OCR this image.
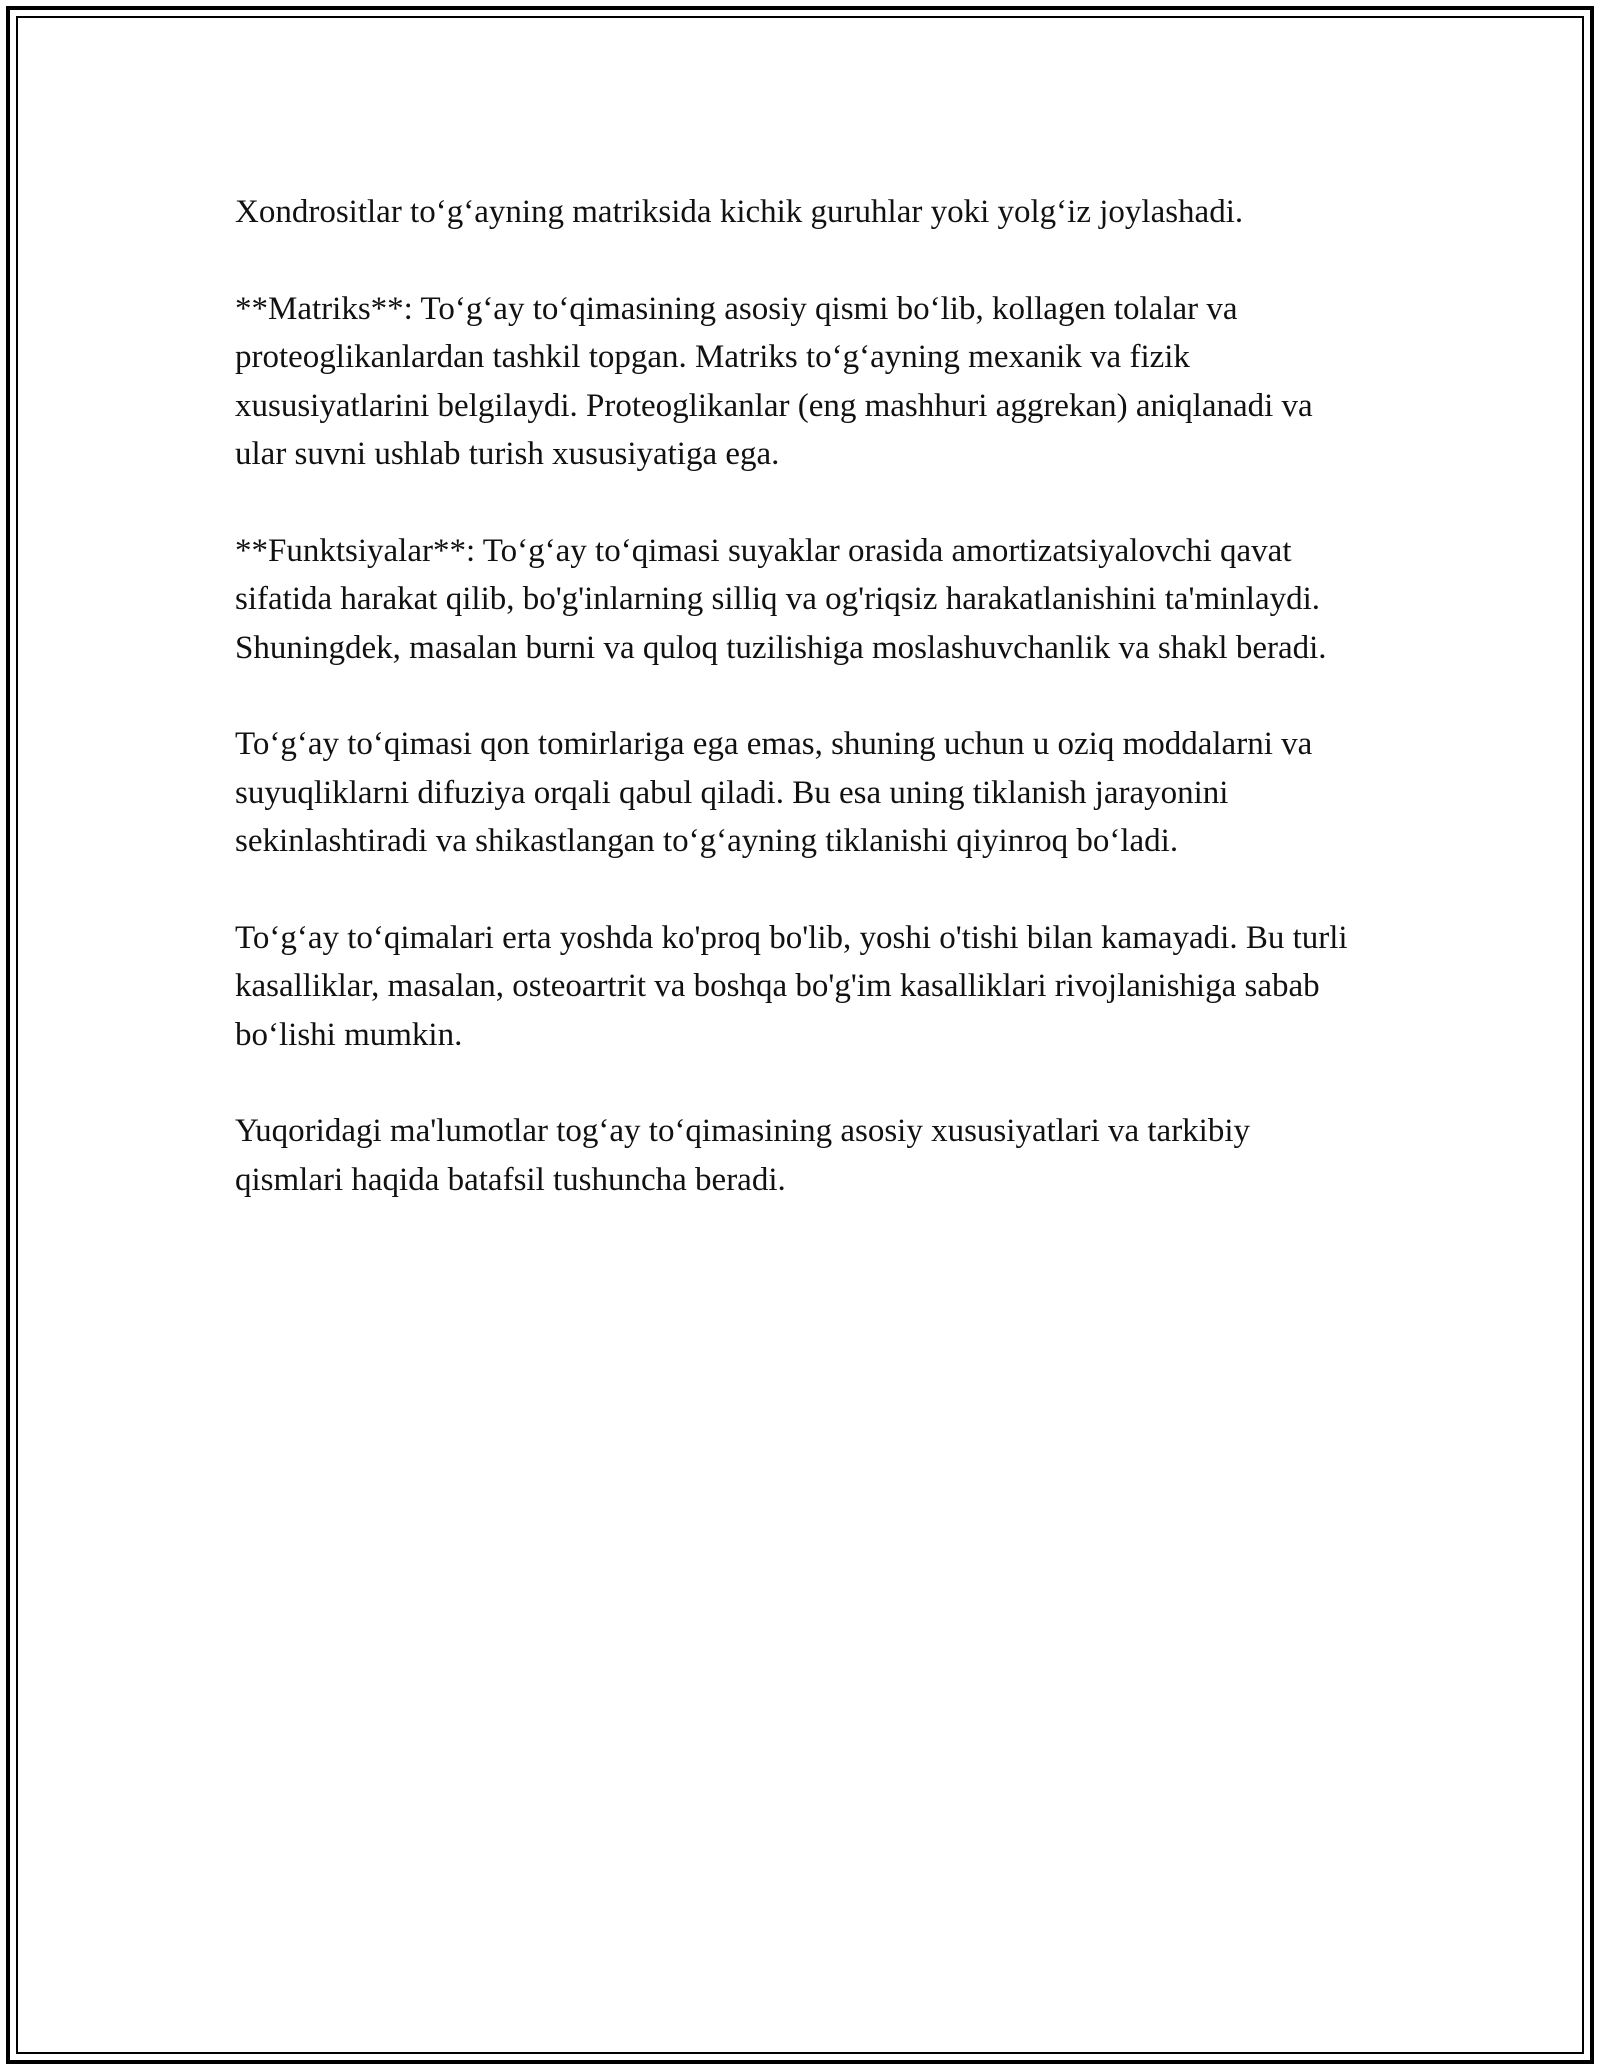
Xondrositlar to‘g‘ayning matriksida kichik guruhlar yoki yolg‘iz joylashadi.

**Matriks**: To‘g‘ay to‘qimasining asosiy qismi bo‘lib, kollagen tolalar va proteoglikanlardan tashkil topgan. Matriks to‘g‘ayning mexanik va fizik xususiyatlarini belgilaydi. Proteoglikanlar (eng mashhuri aggrekan) aniqlanadi va ular suvni ushlab turish xususiyatiga ega.

**Funktsiyalar**: To‘g‘ay to‘qimasi suyaklar orasida amortizatsiyalovchi qavat sifatida harakat qilib, bo'g'inlarning silliq va og'riqsiz harakatlanishini ta'minlaydi. Shuningdek, masalan burni va quloq tuzilishiga moslashuvchanlik va shakl beradi.

To‘g‘ay to‘qimasi qon tomirlariga ega emas, shuning uchun u oziq moddalarni va suyuqliklarni difuziya orqali qabul qiladi. Bu esa uning tiklanish jarayonini sekinlashtiradi va shikastlangan to‘g‘ayning tiklanishi qiyinroq bo‘ladi.

To‘g‘ay to‘qimalari erta yoshda ko'proq bo'lib, yoshi o'tishi bilan kamayadi. Bu turli kasalliklar, masalan, osteoartrit va boshqa bo'g'im kasalliklari rivojlanishiga sabab bo‘lishi mumkin.

Yuqoridagi ma'lumotlar tog‘ay to‘qimasining asosiy xususiyatlari va tarkibiy qismlari haqida batafsil tushuncha beradi.
